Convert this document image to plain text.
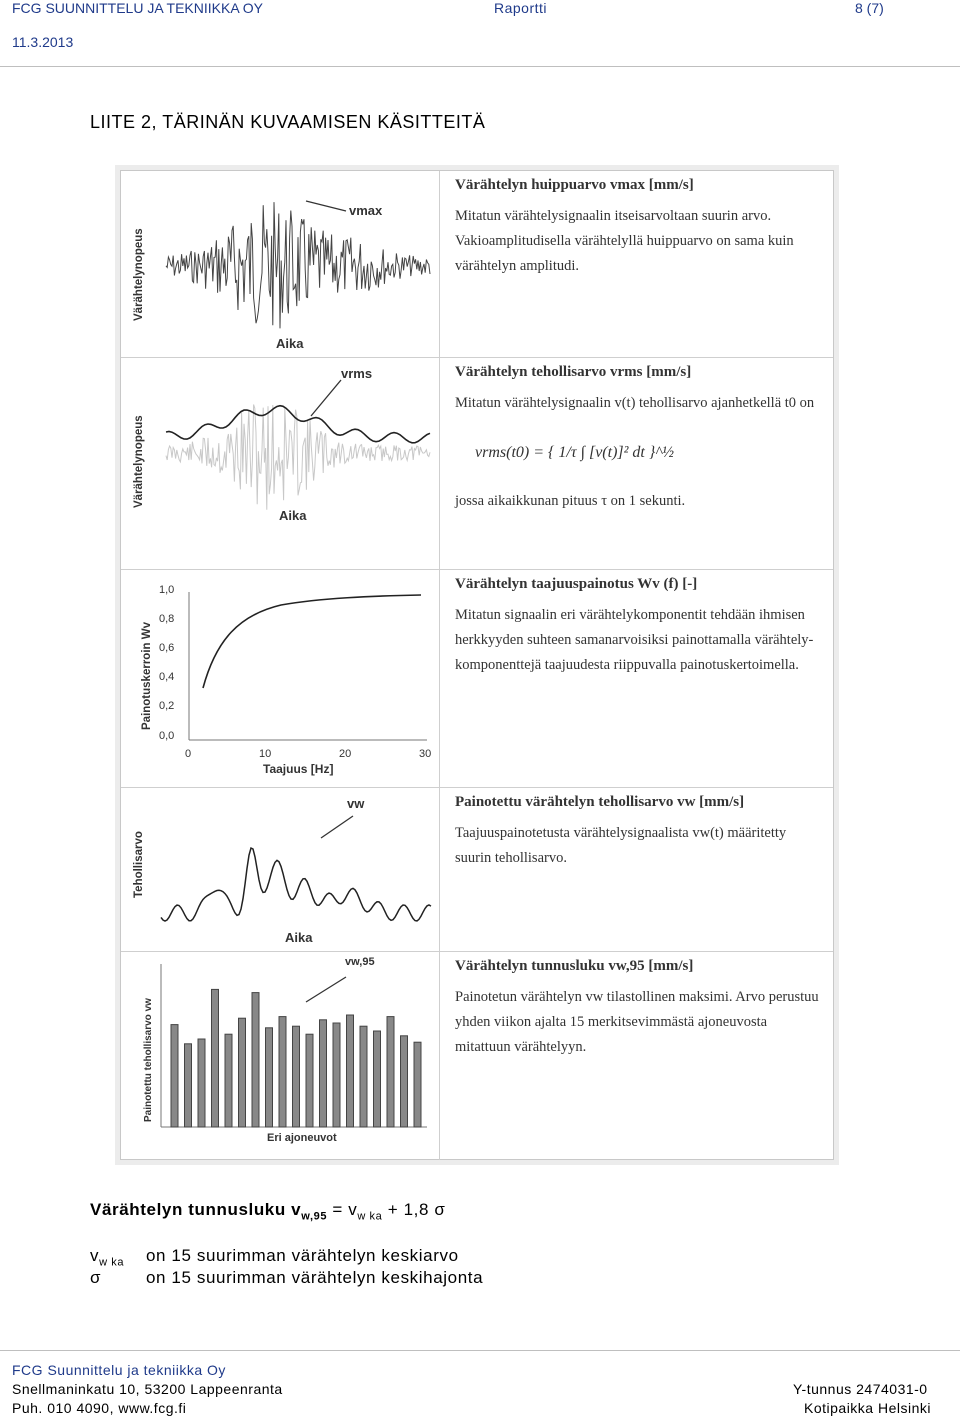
FCG SUUNNITTELU JA TEKNIIKKA OY	Raportti	8 (7)
11.3.2013
LIITE 2, TÄRINÄN KUVAAMISEN KÄSITTEITÄ
Värähtelynopeus
vmax
Aika
Värähtelyn huippuarvo vmax [mm/s]
Mitatun värähtelysignaalin itseisarvoltaan suurin arvo. Vakioamplitudisella värähtelyllä huippuarvo on sama kuin värähtelyn amplitudi.
Värähtelynopeus
vrms
Aika
Värähtelyn tehollisarvo vrms [mm/s]
Mitatun värähtelysignaalin v(t) tehollisarvo ajanhetkellä t0 on
vrms(t0) = { 1/τ ∫ [v(t)]² dt }^½
jossa aikaikkunan pituus τ on 1 sekunti.
Painotuskerroin Wv
1,0
0,8
0,6
0,4
0,2
0,0
0	10	20	30
Taajuus [Hz]
Värähtelyn taajuuspainotus Wv (f) [-]
Mitatun signaalin eri värähtelykomponentit tehdään ihmisen herkkyyden suhteen samanarvoisiksi painottamalla värähtely-komponenttejä taajuudesta riippuvalla painotuskertoimella.
Tehollisarvo
vw
Aika
Painotettu värähtelyn tehollisarvo vw [mm/s]
Taajuuspainotetusta värähtelysignaalista vw(t) määritetty suurin tehollisarvo.
Painotettu tehollisarvo vw
vw,95
Eri ajoneuvot
Värähtelyn tunnusluku vw,95 [mm/s]
Painotetun värähtelyn vw tilastollinen maksimi. Arvo perustuu yhden viikon ajalta 15 merkitsevimmästä ajoneuvosta mitattuun värähtelyyn.
Värähtelyn tunnusluku $v_{w,95} = v_{w ka} + 1,8$ σ
$v_{w ka}$ on 15 suurimman värähtelyn keskiarvo
σ	on 15 suurimman värähtelyn keskihajonta
FCG Suunnittelu ja tekniikka Oy
Snellmaninkatu 10, 53200 Lappeenranta
Puh. 010 4090, www.fcg.fi
Y-tunnus 2474031-0
Kotipaikka Helsinki
